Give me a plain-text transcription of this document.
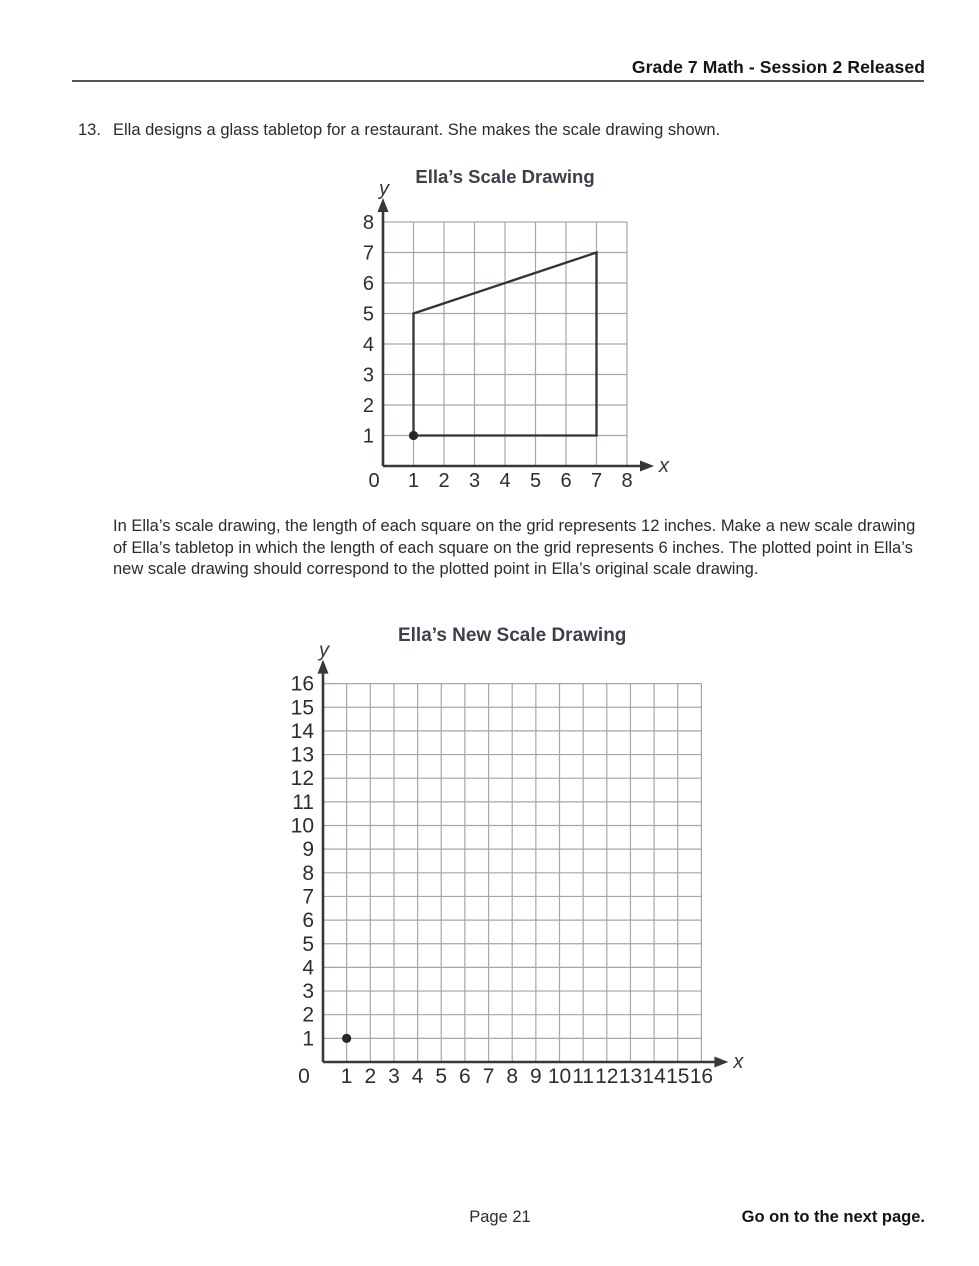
Grade 7 Math - Session 2 Released
13. Ella designs a glass tabletop for a restaurant. She makes the scale drawing shown.
Ella’s Scale Drawing
y
x
0 1 2 3 4 5 6 7 8
1
2
3
4
5
6
7
8

In Ella’s scale drawing, the length of each square on the grid represents 12 inches. Make a new scale drawing of Ella’s tabletop in which the length of each square on the grid represents 6 inches. The plotted point in Ella’s new scale drawing should correspond to the plotted point in Ella’s original scale drawing.

Ella’s New Scale Drawing
y
x
0 1 2 3 4 5 6 7 8 9 10 11 12 13 14 15 16
1
2
3
4
5
6
7
8
9
10
11
12
13
14
15
16
Page 21	Go on to the next page.
